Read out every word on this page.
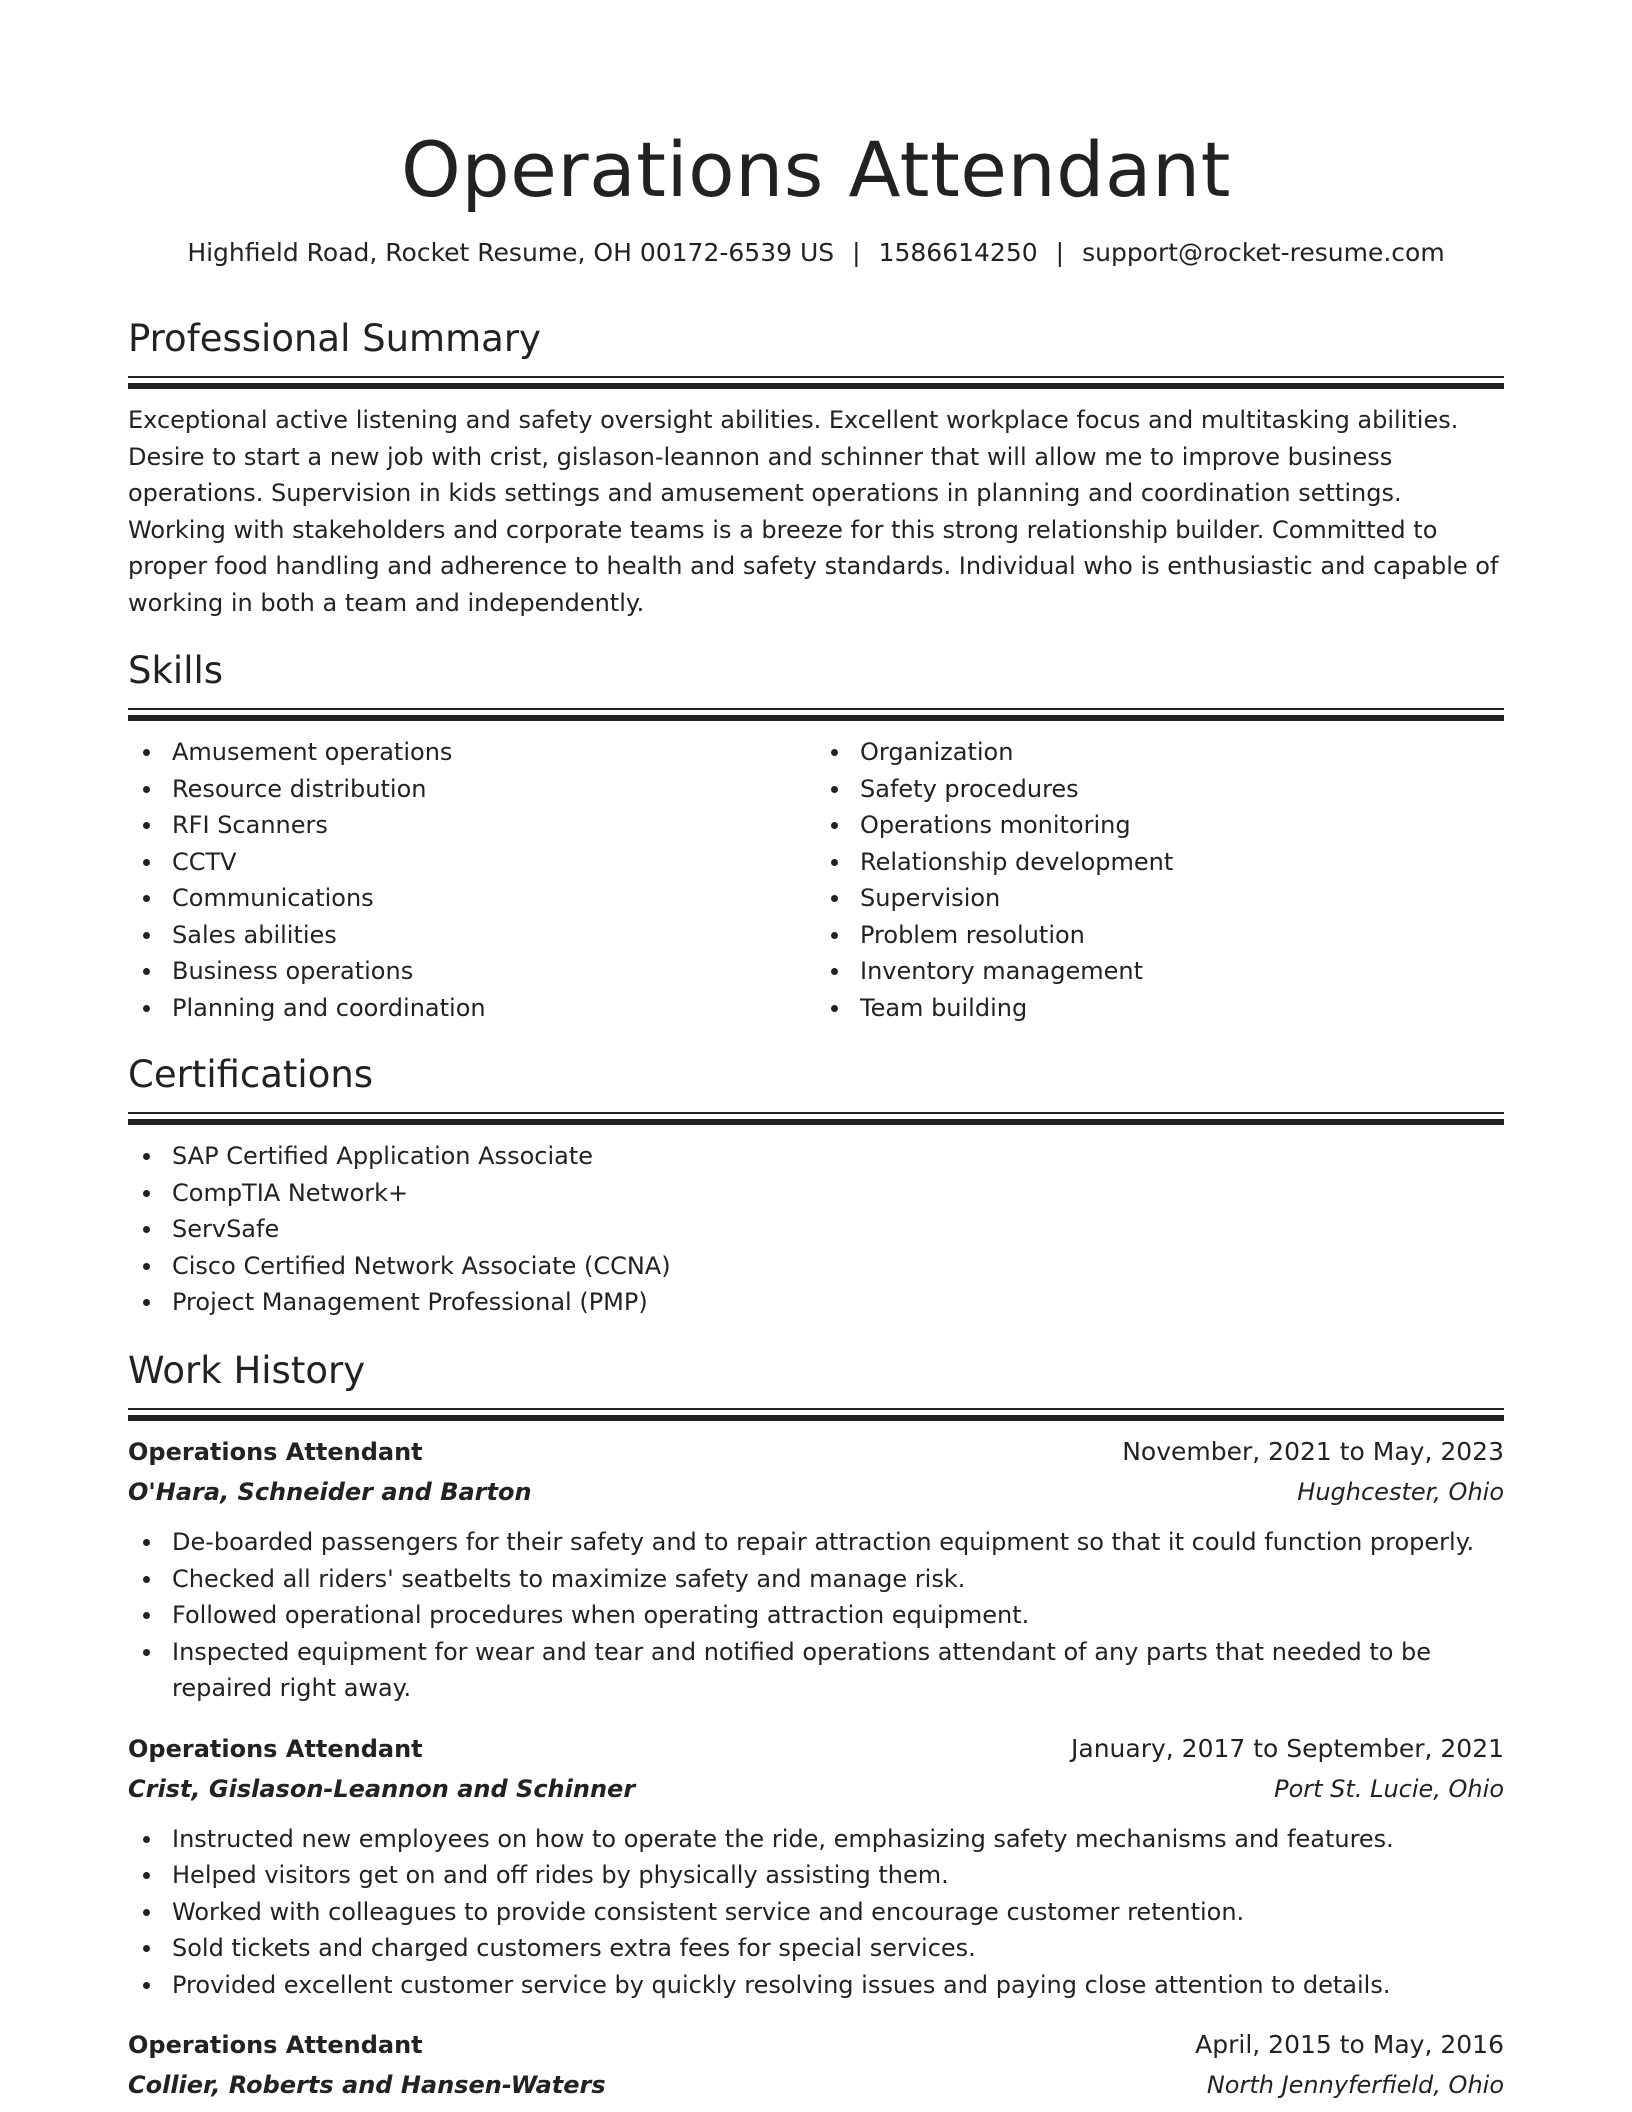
Operations Attendant
Highfield Road, Rocket Resume, OH 00172-6539 US | 1586614250 | support@rocket-resume.com
Professional Summary
Exceptional active listening and safety oversight abilities. Excellent workplace focus and multitasking abilities. Desire to start a new job with crist, gislason-leannon and schinner that will allow me to improve business operations. Supervision in kids settings and amusement operations in planning and coordination settings. Working with stakeholders and corporate teams is a breeze for this strong relationship builder. Committed to proper food handling and adherence to health and safety standards. Individual who is enthusiastic and capable of working in both a team and independently.
Skills
Amusement operations
Resource distribution
RFI Scanners
CCTV
Communications
Sales abilities
Business operations
Planning and coordination
Organization
Safety procedures
Operations monitoring
Relationship development
Supervision
Problem resolution
Inventory management
Team building
Certifications
SAP Certified Application Associate
CompTIA Network+
ServSafe
Cisco Certified Network Associate (CCNA)
Project Management Professional (PMP)
Work History
Operations Attendant	November, 2021 to May, 2023
O'Hara, Schneider and Barton	Hughcester, Ohio
De-boarded passengers for their safety and to repair attraction equipment so that it could function properly.
Checked all riders' seatbelts to maximize safety and manage risk.
Followed operational procedures when operating attraction equipment.
Inspected equipment for wear and tear and notified operations attendant of any parts that needed to be repaired right away.
Operations Attendant	January, 2017 to September, 2021
Crist, Gislason-Leannon and Schinner	Port St. Lucie, Ohio
Instructed new employees on how to operate the ride, emphasizing safety mechanisms and features.
Helped visitors get on and off rides by physically assisting them.
Worked with colleagues to provide consistent service and encourage customer retention.
Sold tickets and charged customers extra fees for special services.
Provided excellent customer service by quickly resolving issues and paying close attention to details.
Operations Attendant	April, 2015 to May, 2016
Collier, Roberts and Hansen-Waters	North Jennyferfield, Ohio
